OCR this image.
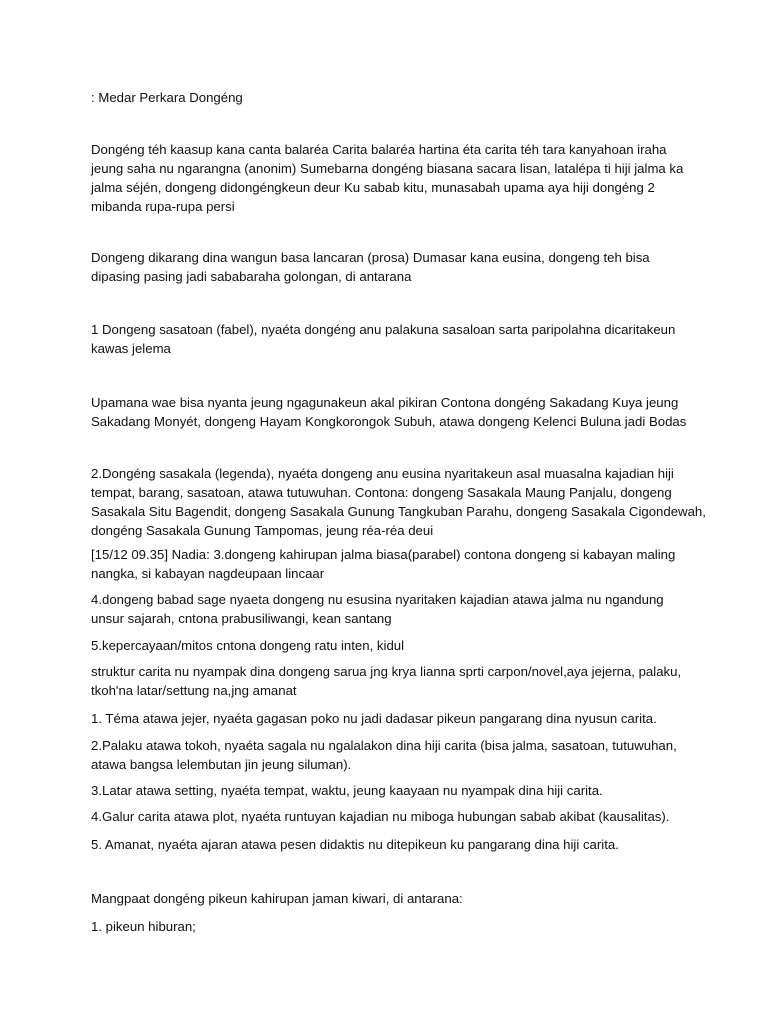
: Medar Perkara Dongéng

Dongéng téh kaasup kana canta balaréa Carita balaréa hartina éta carita téh tara kanyahoan iraha
jeung saha nu ngarangna (anonim) Sumebarna dongéng biasana sacara lisan, latalépa ti hiji jalma ka
jalma séjén, dongeng didongéngkeun deur Ku sabab kitu, munasabah upama aya hiji dongéng 2
mibanda rupa-rupa persi

Dongeng dikarang dina wangun basa lancaran (prosa) Dumasar kana eusina, dongeng teh bisa
dipasing pasing jadi sababaraha golongan, di antarana

1 Dongeng sasatoan (fabel), nyaéta dongéng anu palakuna sasaloan sarta paripolahna dicaritakeun
kawas jelema

Upamana wae bisa nyanta jeung ngagunakeun akal pikiran Contona dongéng Sakadang Kuya jeung
Sakadang Monyét, dongeng Hayam Kongkorongok Subuh, atawa dongeng Kelenci Buluna jadi Bodas

2.Dongéng sasakala (legenda), nyaéta dongeng anu eusina nyaritakeun asal muasalna kajadian hiji
tempat, barang, sasatoan, atawa tutuwuhan. Contona: dongeng Sasakala Maung Panjalu, dongeng
Sasakala Situ Bagendit, dongeng Sasakala Gunung Tangkuban Parahu, dongeng Sasakala Cigondewah,
dongéng Sasakala Gunung Tampomas, jeung réa-réa deui

[15/12 09.35] Nadia: 3.dongeng kahirupan jalma biasa(parabel) contona dongeng si kabayan maling
nangka, si kabayan nagdeupaan lincaar

4.dongeng babad sage nyaeta dongeng nu esusina nyaritaken kajadian atawa jalma nu ngandung
unsur sajarah, cntona prabusiliwangi, kean santang

5.kepercayaan/mitos cntona dongeng ratu inten, kidul

struktur carita nu nyampak dina dongeng sarua jng krya lianna sprti carpon/novel,aya jejerna, palaku,
tkoh'na latar/settung na,jng amanat

1. Téma atawa jejer, nyaéta gagasan poko nu jadi dadasar pikeun pangarang dina nyusun carita.

2.Palaku atawa tokoh, nyaéta sagala nu ngalalakon dina hiji carita (bisa jalma, sasatoan, tutuwuhan,
atawa bangsa lelembutan jin jeung siluman).

3.Latar atawa setting, nyaéta tempat, waktu, jeung kaayaan nu nyampak dina hiji carita.

4.Galur carita atawa plot, nyaéta runtuyan kajadian nu miboga hubungan sabab akibat (kausalitas).

5. Amanat, nyaéta ajaran atawa pesen didaktis nu ditepikeun ku pangarang dina hiji carita.

Mangpaat dongéng pikeun kahirupan jaman kiwari, di antarana:

1. pikeun hiburan;
